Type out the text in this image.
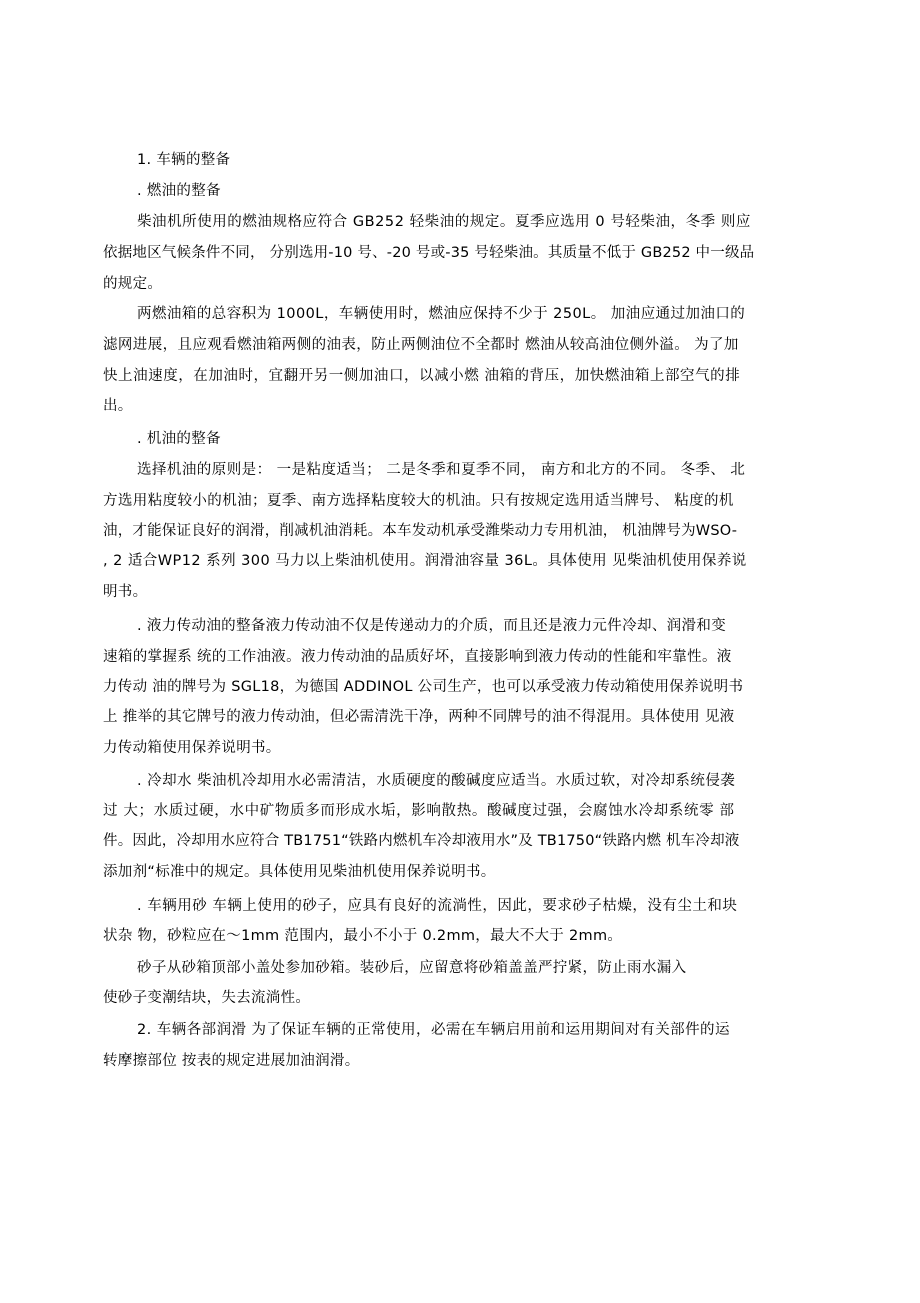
1. 车辆的整备
. 燃油的整备
柴油机所使用的燃油规格应符合 GB252 轻柴油的规定。夏季应选用 0 号轻柴油，冬季 则应
依据地区气候条件不同， 分别选用-10 号、-20 号或-35 号轻柴油。其质量不低于 GB252 中一级品
的规定。
两燃油箱的总容积为 1000L，车辆使用时，燃油应保持不少于 250L。 加油应通过加油口的
滤网进展，且应观看燃油箱两侧的油表，防止两侧油位不全都时 燃油从较高油位侧外溢。 为了加
快上油速度，在加油时，宜翻开另一侧加油口，以减小燃 油箱的背压，加快燃油箱上部空气的排
出。
. 机油的整备
选择机油的原则是： 一是粘度适当； 二是冬季和夏季不同， 南方和北方的不同。 冬季、 北
方选用粘度较小的机油；夏季、南方选择粘度较大的机油。只有按规定选用适当牌号、 粘度的机
油，才能保证良好的润滑，削减机油消耗。本车发动机承受潍柴动力专用机油， 机油牌号为WSO-
, 2 适合WP12 系列 300 马力以上柴油机使用。润滑油容量 36L。具体使用 见柴油机使用保养说
明书。
. 液力传动油的整备液力传动油不仅是传递动力的介质，而且还是液力元件冷却、润滑和变
速箱的掌握系 统的工作油液。液力传动油的品质好坏，直接影响到液力传动的性能和牢靠性。液
力传动 油的牌号为 SGL18，为德国 ADDINOL 公司生产，也可以承受液力传动箱使用保养说明书
上 推举的其它牌号的液力传动油，但必需清洗干净，两种不同牌号的油不得混用。具体使用 见液
力传动箱使用保养说明书。
. 冷却水 柴油机冷却用水必需清洁，水质硬度的酸碱度应适当。水质过软，对冷却系统侵袭
过 大；水质过硬，水中矿物质多而形成水垢，影响散热。酸碱度过强，会腐蚀水冷却系统零 部
件。因此，冷却用水应符合 TB1751“铁路内燃机车冷却液用水”及 TB1750“铁路内燃 机车冷却液
添加剂“标准中的规定。具体使用见柴油机使用保养说明书。
. 车辆用砂 车辆上使用的砂子，应具有良好的流淌性，因此，要求砂子枯燥，没有尘土和块
状杂 物，砂粒应在～1mm 范围内，最小不小于 0.2mm，最大不大于 2mm。
砂子从砂箱顶部小盖处参加砂箱。装砂后，应留意将砂箱盖盖严拧紧，防止雨水漏入
使砂子变潮结块，失去流淌性。
2. 车辆各部润滑 为了保证车辆的正常使用，必需在车辆启用前和运用期间对有关部件的运
转摩擦部位 按表的规定进展加油润滑。
